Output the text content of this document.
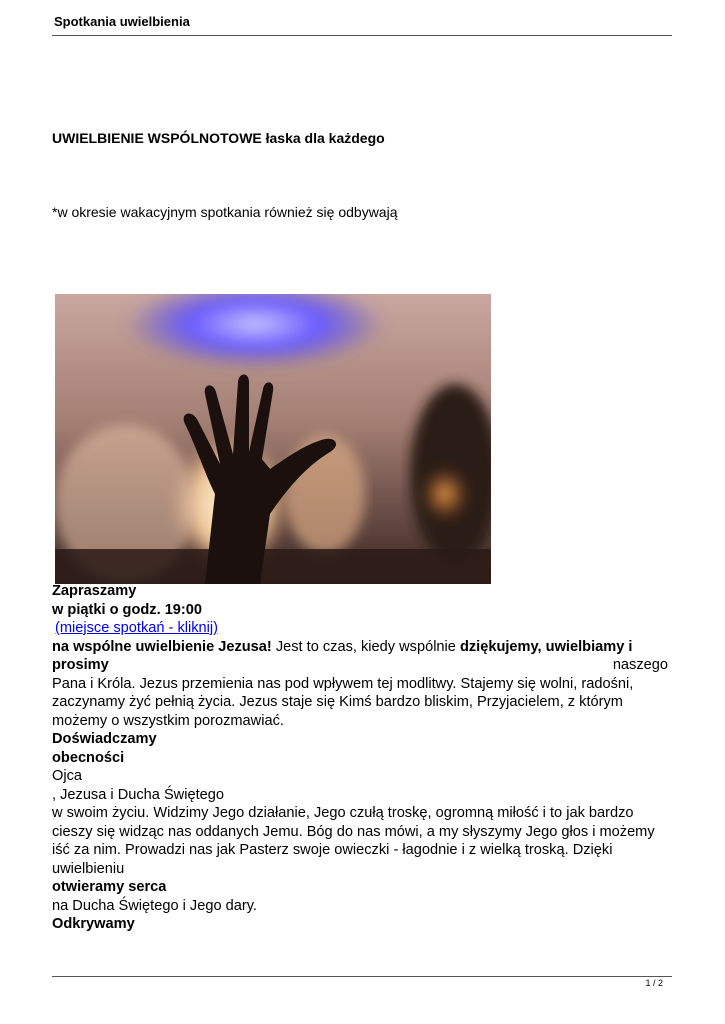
Spotkania uwielbienia
UWIELBIENIE WSPÓLNOTOWE łaska dla każdego
*w okresie wakacyjnym spotkania również się odbywają

Zapraszamy

w piątki o godz. 19:00

(miejsce spotkań - kliknij)

na wspólne uwielbienie Jezusa! Jest to czas, kiedy wspólnie dziękujemy, uwielbiamy i

prosimy	naszego

Pana i Króla. Jezus przemienia nas pod wpływem tej modlitwy. Stajemy się wolni, radośni,

zaczynamy żyć pełnią życia. Jezus staje się Kimś bardzo bliskim, Przyjacielem, z którym

możemy o wszystkim porozmawiać.

Doświadczamy

obecności

Ojca

, Jezusa i Ducha Świętego

w swoim życiu. Widzimy Jego działanie, Jego czułą troskę, ogromną miłość i to jak bardzo

cieszy się widząc nas oddanych Jemu. Bóg do nas mówi, a my słyszymy Jego głos i możemy

iść za nim. Prowadzi nas jak Pasterz swoje owieczki - łagodnie i z wielką troską. Dzięki

uwielbieniu

otwieramy serca

na Ducha Świętego i Jego dary.

Odkrywamy

1 / 2
